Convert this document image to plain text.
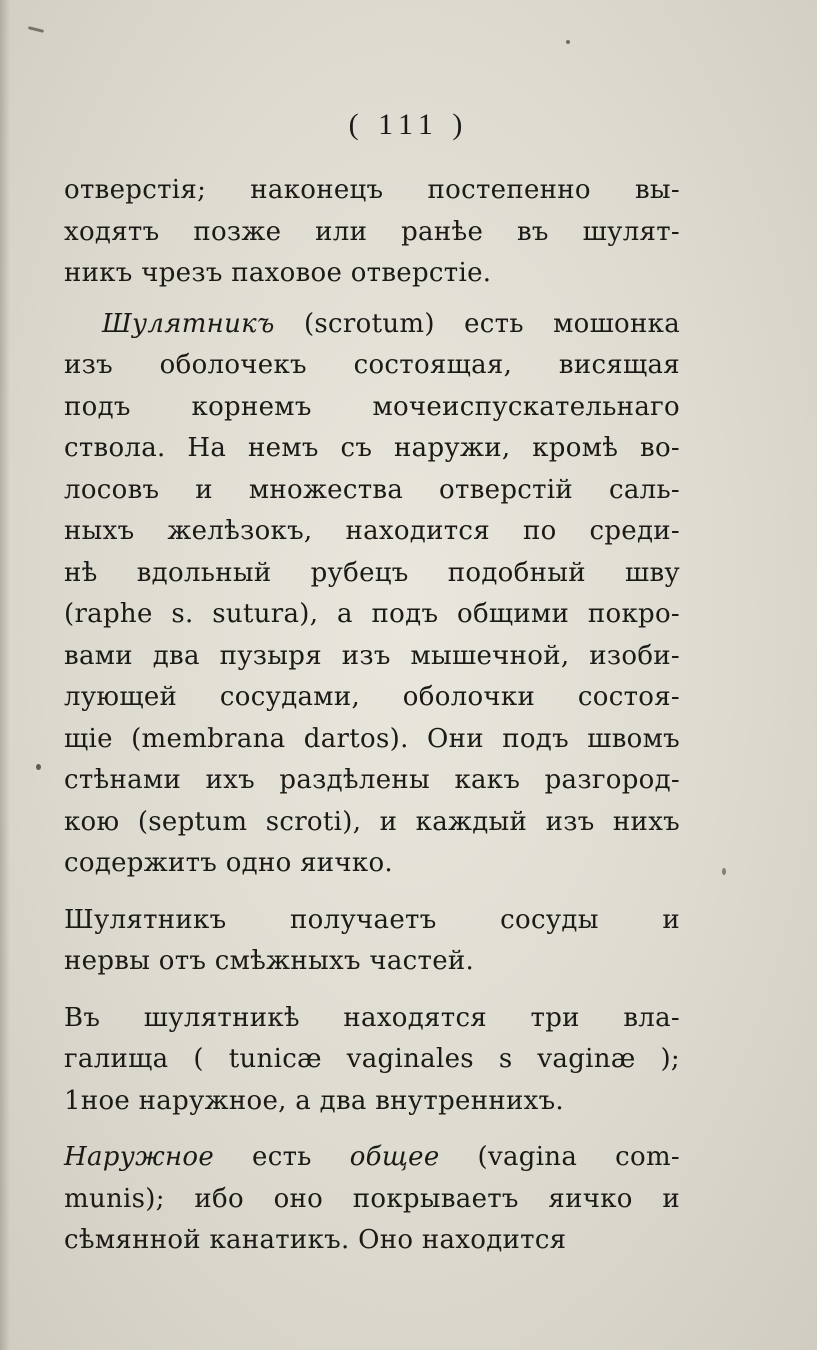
( 111 )
отверстія; наконецъ постепенно вы-
ходятъ позже или ранѣе въ шулят-
никъ чрезъ паховое отверстіе.
Шулятникъ (scrotum) есть мошонка
изъ оболочекъ состоящая, висящая
подъ корнемъ мочеиспускательнаго
ствола. На немъ съ наружи, кромѣ во-
лосовъ и множества отверстій саль-
ныхъ желѣзокъ, находится по среди-
нѣ вдольный рубецъ подобный шву
(raphe s. sutura), а подъ общими покро-
вами два пузыря изъ мышечной, изоби-
лующей сосудами, оболочки состоя-
щіе (membrana dartos). Они подъ швомъ
стѣнами ихъ раздѣлены какъ разгород-
кою (septum scroti), и каждый изъ нихъ
содержитъ одно яичко.
Шулятникъ получаетъ сосуды и
нервы отъ смѣжныхъ частей.
Въ шулятникѣ находятся три вла-
галища ( tunicæ vaginales s vaginæ );
1ное наружное, а два внутреннихъ.
Наружное есть общее (vagina com-
munis); ибо оно покрываетъ яичко и
сѣмянной канатикъ. Оно находится
